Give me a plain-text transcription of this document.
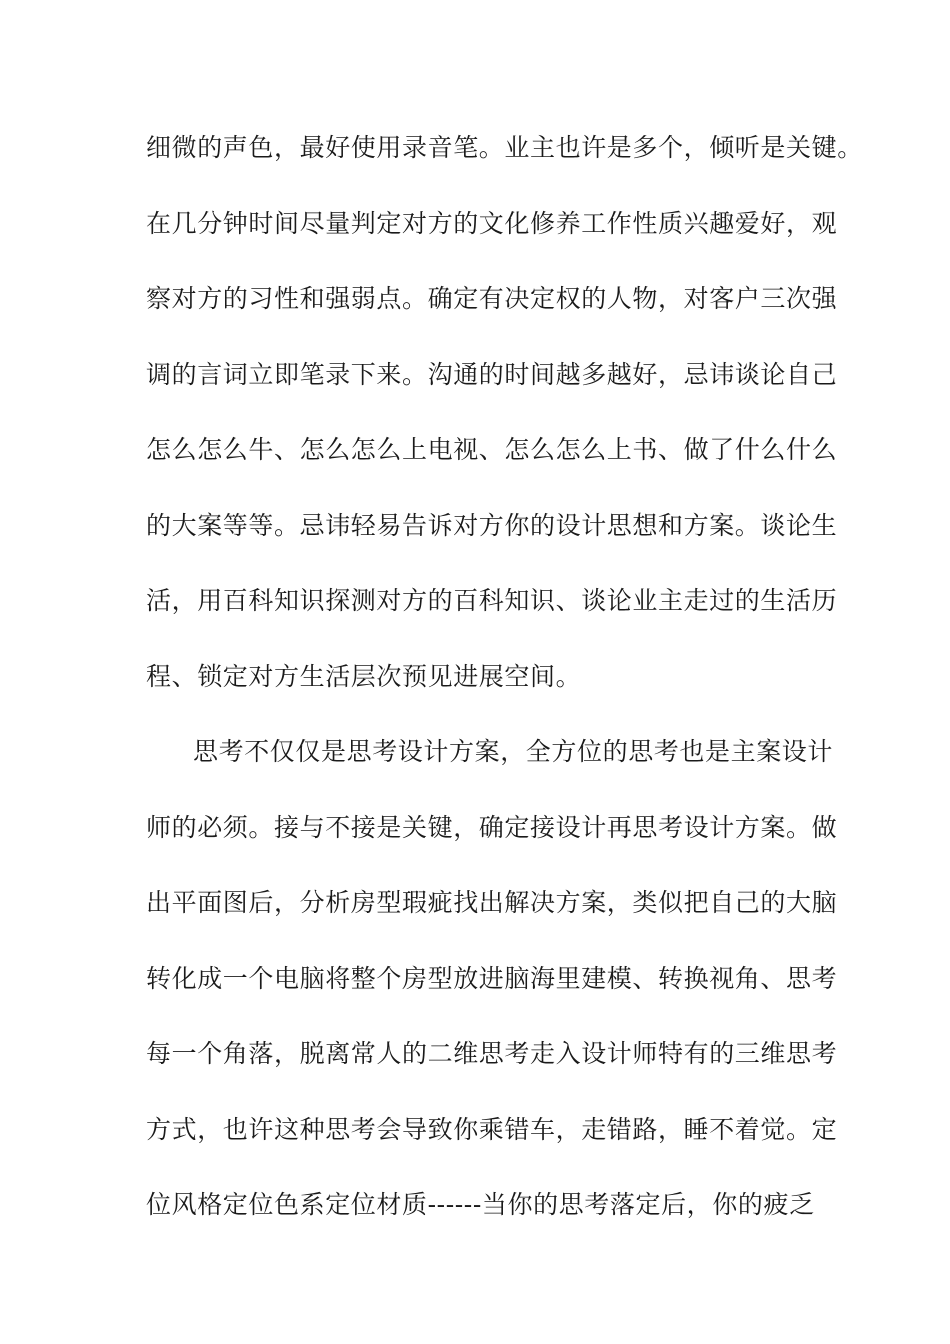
细微的声色，最好使用录音笔。业主也许是多个，倾听是关键。
在几分钟时间尽量判定对方的文化修养工作性质兴趣爱好，观
察对方的习性和强弱点。确定有决定权的人物，对客户三次强
调的言词立即笔录下来。沟通的时间越多越好，忌讳谈论自己
怎么怎么牛、怎么怎么上电视、怎么怎么上书、做了什么什么
的大案等等。忌讳轻易告诉对方你的设计思想和方案。谈论生
活，用百科知识探测对方的百科知识、谈论业主走过的生活历
程、锁定对方生活层次预见进展空间。
思考不仅仅是思考设计方案，全方位的思考也是主案设计
师的必须。接与不接是关键，确定接设计再思考设计方案。做
出平面图后，分析房型瑕疵找出解决方案，类似把自己的大脑
转化成一个电脑将整个房型放进脑海里建模、转换视角、思考
每一个角落，脱离常人的二维思考走入设计师特有的三维思考
方式，也许这种思考会导致你乘错车，走错路，睡不着觉。定
位风格定位色系定位材质------当你的思考落定后，你的疲乏
